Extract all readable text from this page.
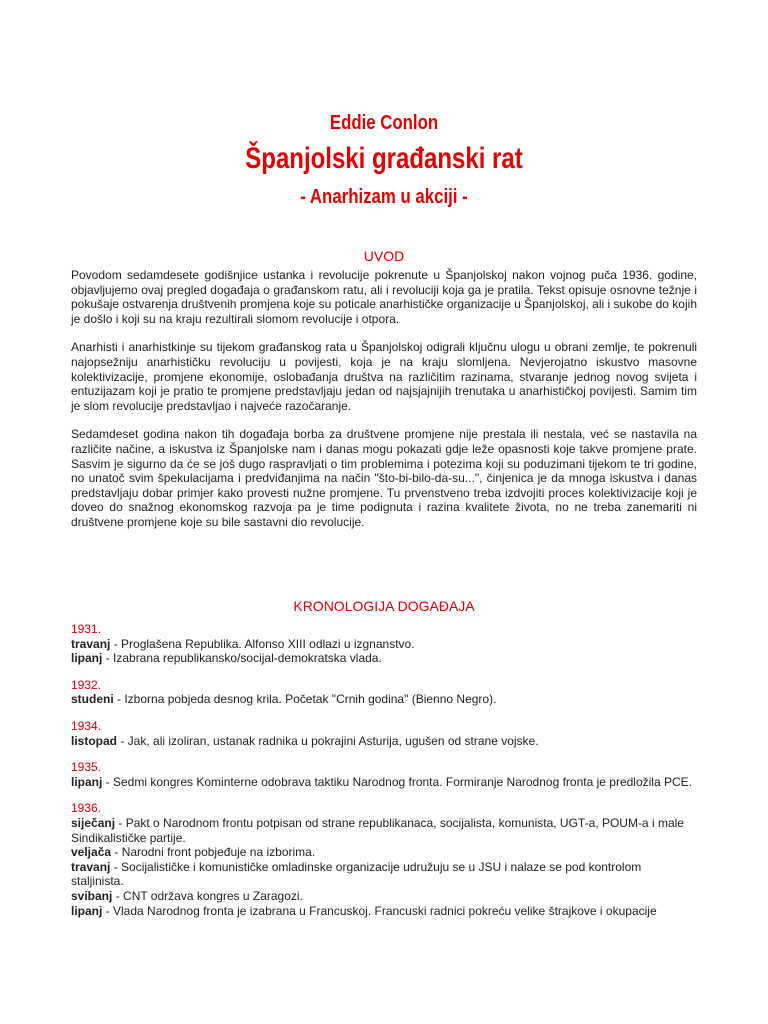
Eddie Conlon
Španjolski građanski rat
- Anarhizam u akciji -
UVOD

Povodom sedamdesete godišnjice ustanka i revolucije pokrenute u Španjolskoj nakon vojnog puča 1936. godine, objavljujemo ovaj pregled događaja o građanskom ratu, ali i revoluciji koja ga je pratila. Tekst opisuje osnovne težnje i pokušaje ostvarenja društvenih promjena koje su poticale anarhističke organizacije u Španjolskoj, ali i sukobe do kojih je došlo i koji su na kraju rezultirali slomom revolucije i otpora.

Anarhisti i anarhistkinje su tijekom građanskog rata u Španjolskoj odigrali ključnu ulogu u obrani zemlje, te pokrenuli najopsežniju anarhističku revoluciju u povijesti, koja je na kraju slomljena. Nevjerojatno iskustvo masovne kolektivizacije, promjene ekonomije, oslobađanja društva na različitim razinama, stvaranje jednog novog svijeta i entuzijazam koji je pratio te promjene predstavljaju jedan od najsjajnijih trenutaka u anarhističkoj povijesti. Samim tim je slom revolucije predstavljao i najveće razočaranje.

Sedamdeset godina nakon tih događaja borba za društvene promjene nije prestala ili nestala, već se nastavila na različite načine, a iskustva iz Španjolske nam i danas mogu pokazati gdje leže opasnosti koje takve promjene prate. Sasvim je sigurno da će se još dugo raspravljati o tim problemima i potezima koji su poduzimani tijekom te tri godine, no unatoč svim špekulacijama i predviđanjima na način "što-bi-bilo-da-su...", činjenica je da mnoga iskustva i danas predstavljaju dobar primjer kako provesti nužne promjene. Tu prvenstveno treba izdvojiti proces kolektivizacije koji je doveo do snažnog ekonomskog razvoja pa je time podignuta i razina kvalitete života, no ne treba zanemariti ni društvene promjene koje su bile sastavni dio revolucije.

KRONOLOGIJA DOGAĐAJA
1931.
travanj - Proglašena Republika. Alfonso XIII odlazi u izgnanstvo.
lipanj - Izabrana republikansko/socijal-demokratska vlada.
1932.
studeni - Izborna pobjeda desnog krila. Početak "Crnih godina" (Bienno Negro).
1934.
listopad - Jak, ali izoliran, ustanak radnika u pokrajini Asturija, ugušen od strane vojske.
1935.
lipanj - Sedmi kongres Kominterne odobrava taktiku Narodnog fronta. Formiranje Narodnog fronta je predložila PCE.
1936.
siječanj - Pakt o Narodnom frontu potpisan od strane republikanaca, socijalista, komunista, UGT-a, POUM-a i male Sindikalističke partije.
veljača - Narodni front pobjeđuje na izborima.
travanj - Socijalističke i komunističke omladinske organizacije udružuju se u JSU i nalaze se pod kontrolom staljinista.
svibanj - CNT održava kongres u Zaragozi.
lipanj - Vlada Narodnog fronta je izabrana u Francuskoj. Francuski radnici pokreću velike štrajkove i okupacije
